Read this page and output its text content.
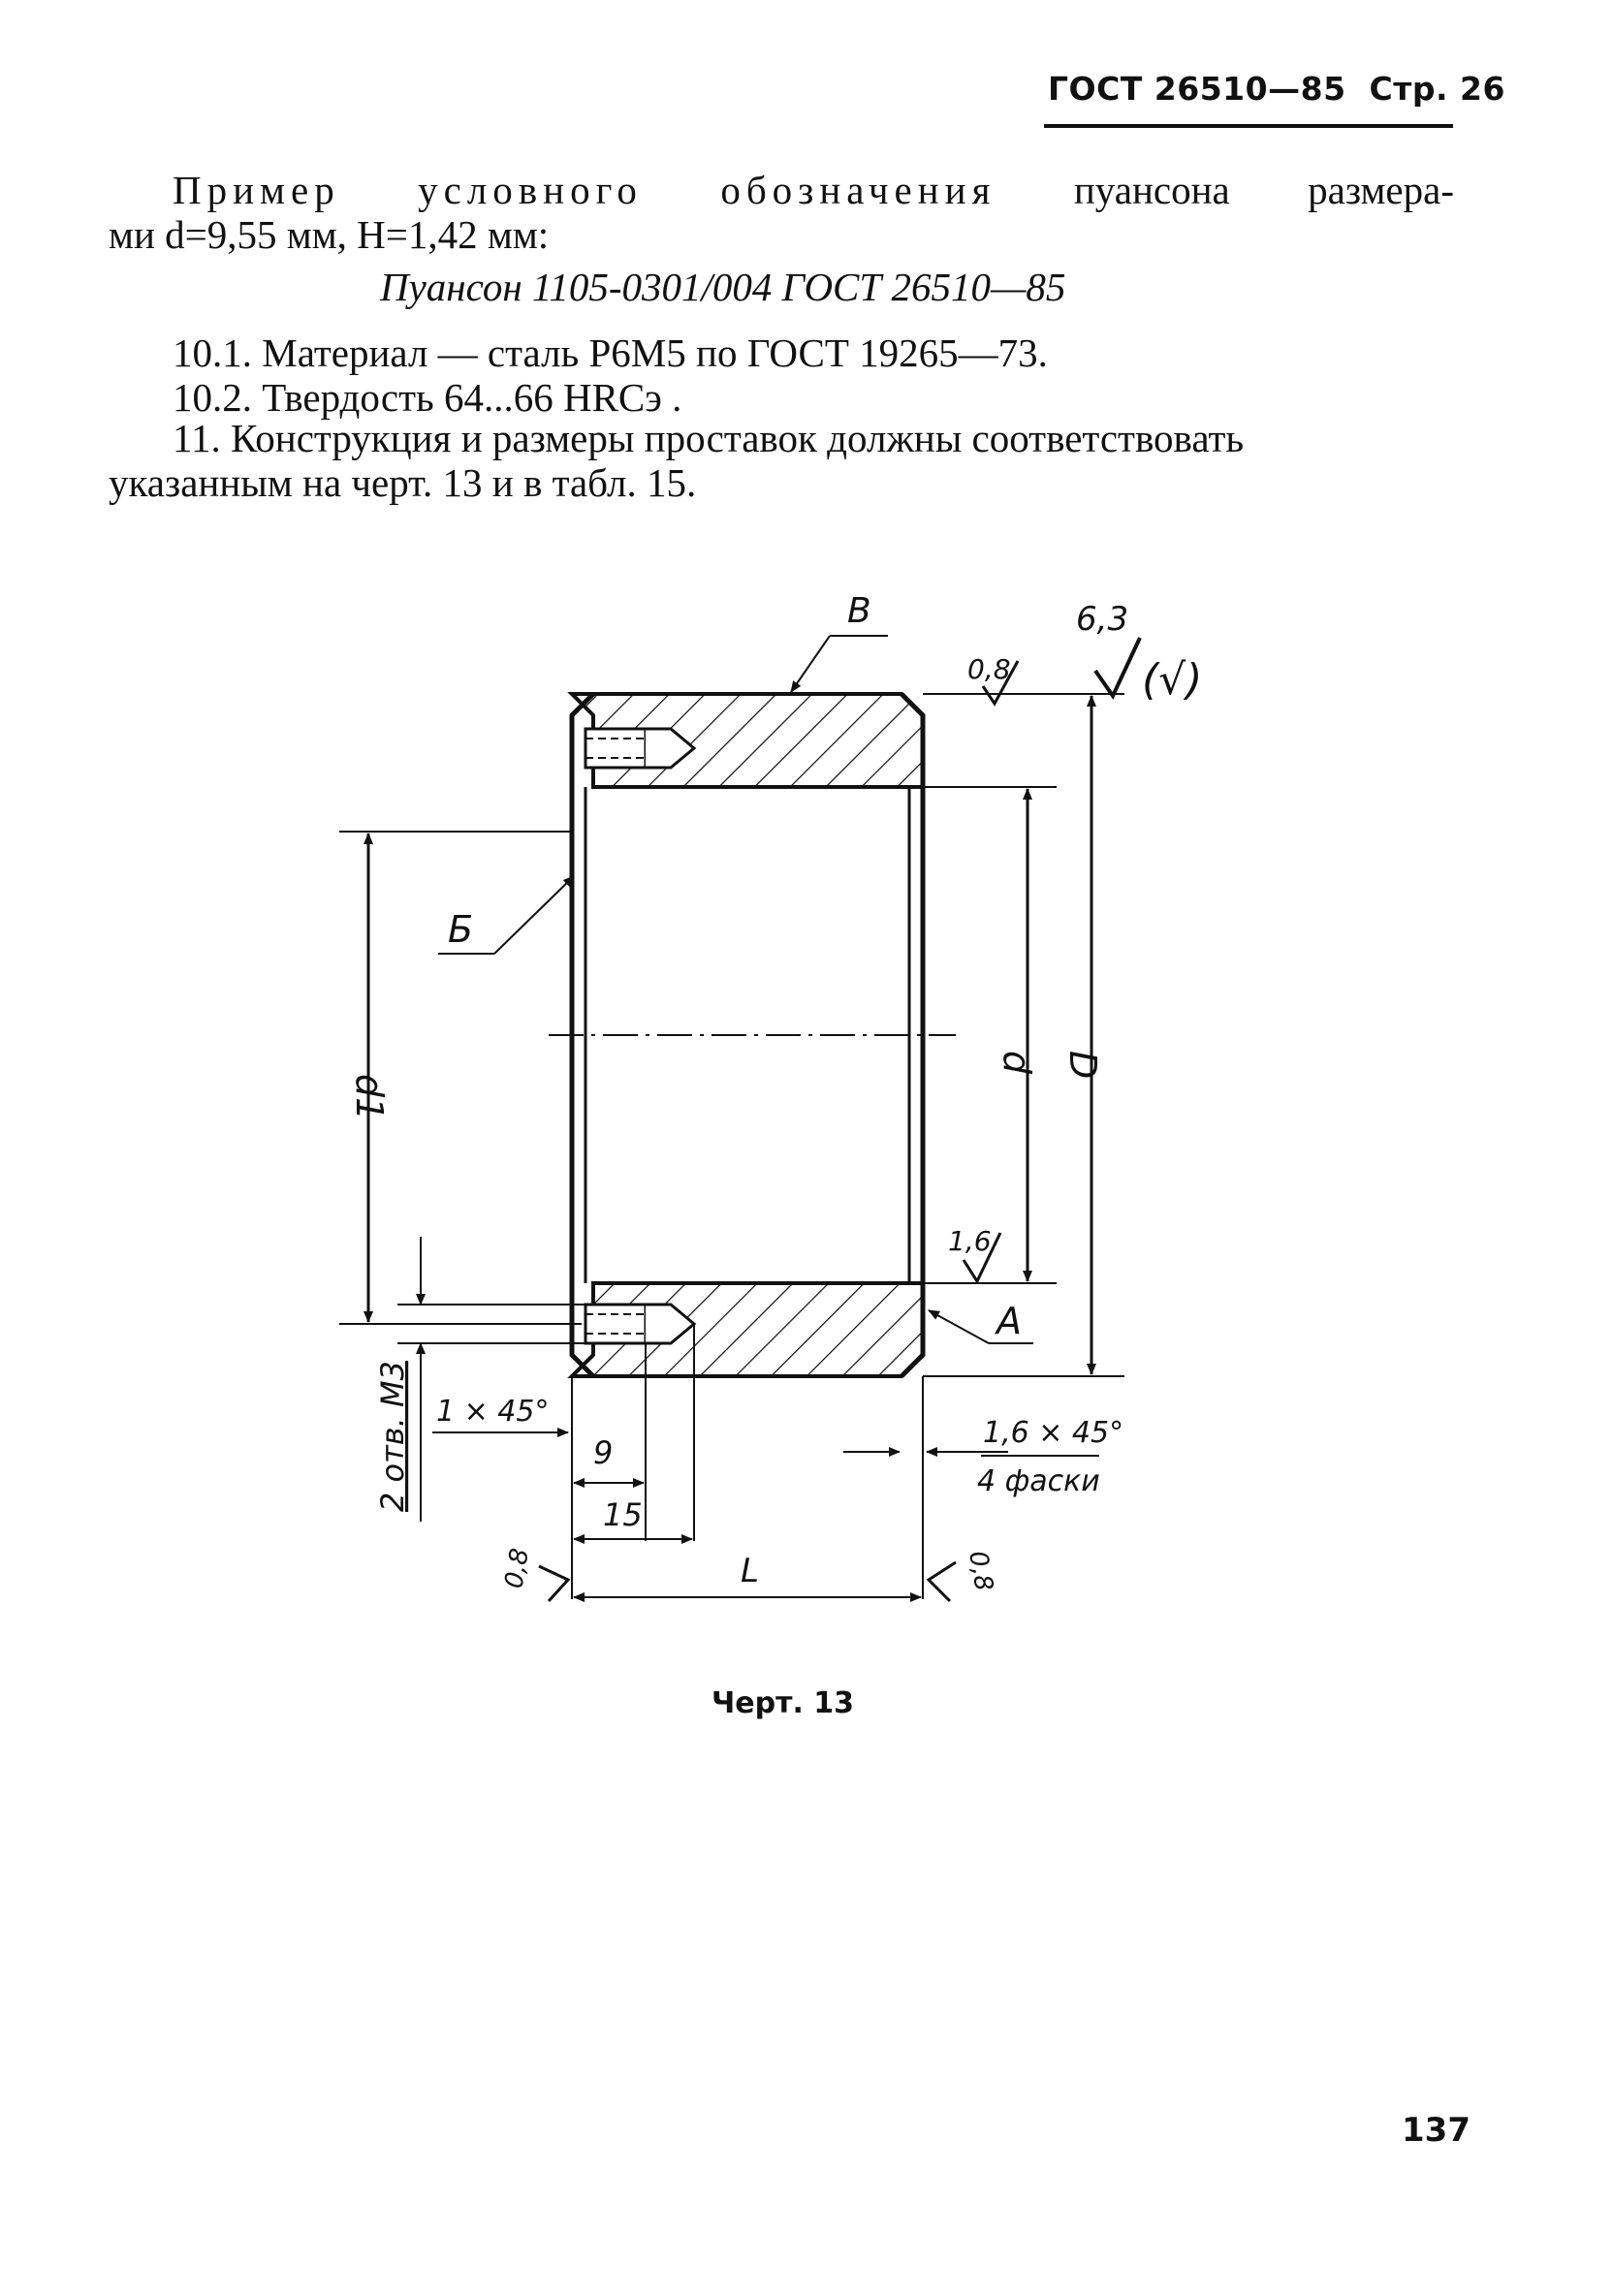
ГОСТ 26510—85 Стр. 26
Пример условного обозначения пуансона размера-
ми d=9,55 мм, H=1,42 мм:
Пуансон 1105-0301/004 ГОСТ 26510—85
10.1. Материал — сталь Р6М5 по ГОСТ 19265—73.
10.2. Твердость 64...66 HRCэ .
11. Конструкция и размеры проставок должны соответствовать
указанным на черт. 13 и в табл. 15.
6,3
(√)
d1
d D
2 отв. М3 1 × 45°
9
15
L
1,6 × 45°
4 фаски
В
Б
А
0,8
1,6
0,8	0,8
Черт. 13
137
